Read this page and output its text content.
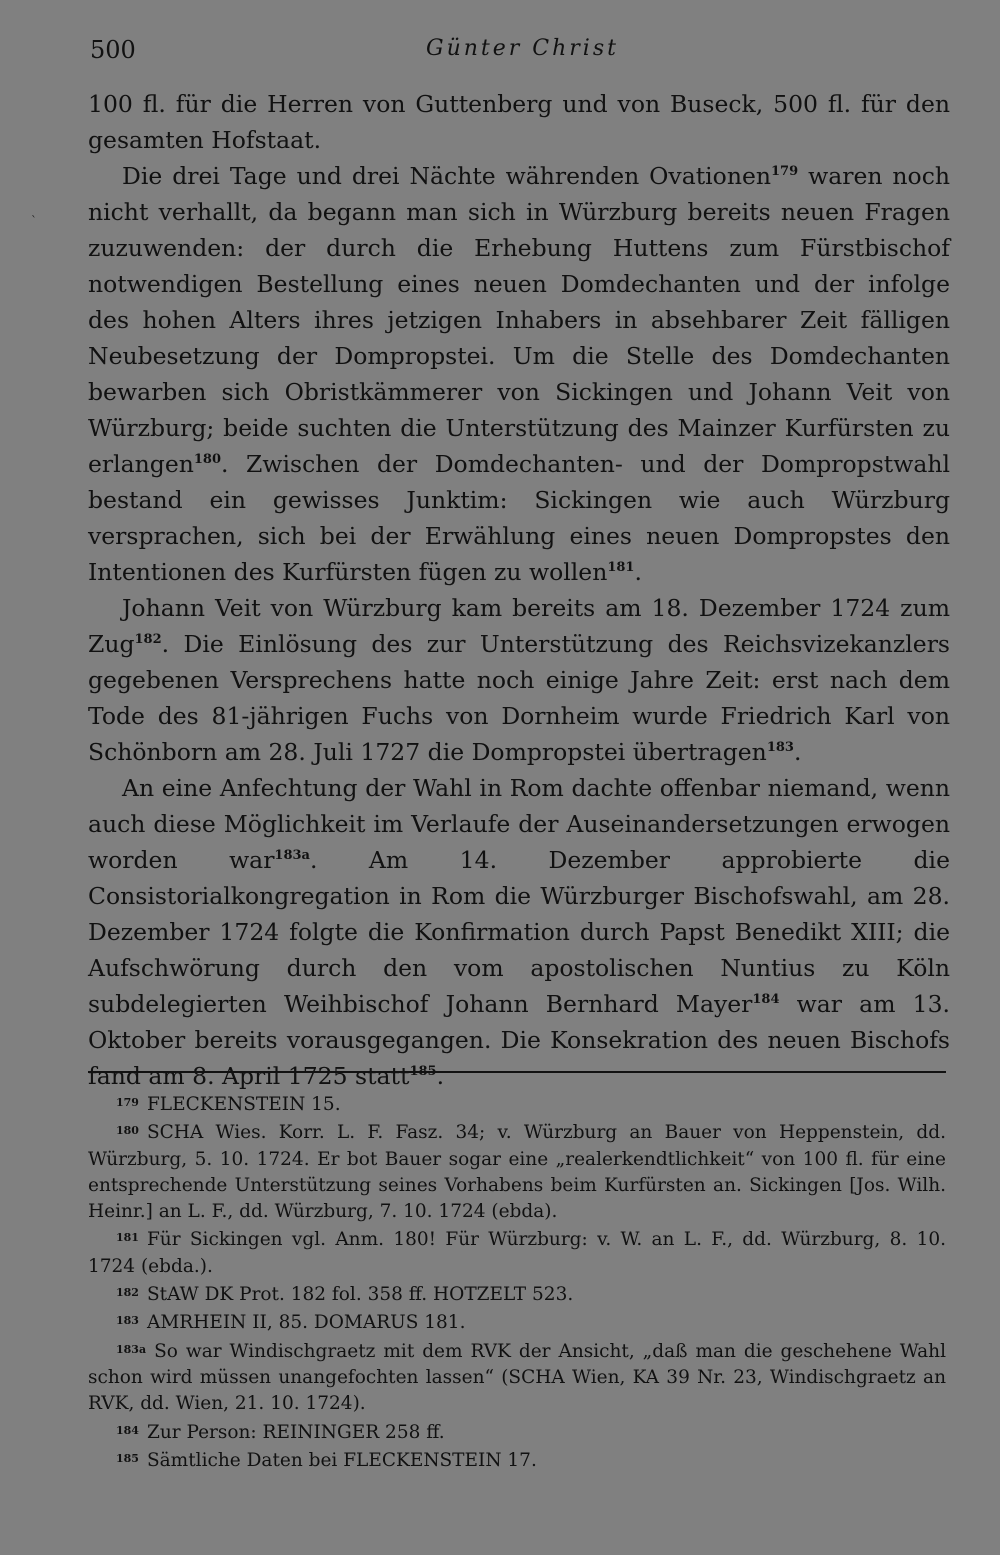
500	Günter Christ
`

100 fl. für die Herren von Guttenberg und von Buseck, 500 fl. für den gesamten Hofstaat.

Die drei Tage und drei Nächte währenden Ovationen$^{179}$ waren noch nicht verhallt, da begann man sich in Würzburg bereits neuen Fragen zuzuwenden: der durch die Erhebung Huttens zum Fürstbischof notwendigen Bestellung eines neuen Domdechanten und der infolge des hohen Alters ihres jetzigen Inhabers in absehbarer Zeit fälligen Neubesetzung der Dompropstei. Um die Stelle des Domdechanten bewarben sich Obristkämmerer von Sickingen und Johann Veit von Würzburg; beide suchten die Unterstützung des Mainzer Kurfürsten zu erlangen$^{180}$. Zwischen der Domdechanten- und der Dompropstwahl bestand ein gewisses Junktim: Sickingen wie auch Würzburg versprachen, sich bei der Erwählung eines neuen Dompropstes den Intentionen des Kurfürsten fügen zu wollen$^{181}$.

Johann Veit von Würzburg kam bereits am 18. Dezember 1724 zum Zug$^{182}$. Die Einlösung des zur Unterstützung des Reichsvizekanzlers gegebenen Versprechens hatte noch einige Jahre Zeit: erst nach dem Tode des 81-jährigen Fuchs von Dornheim wurde Friedrich Karl von Schönborn am 28. Juli 1727 die Dompropstei übertragen$^{183}$.

An eine Anfechtung der Wahl in Rom dachte offenbar niemand, wenn auch diese Möglichkeit im Verlaufe der Auseinandersetzungen erwogen worden war$^{183a}$. Am 14. Dezember approbierte die Consistorialkongregation in Rom die Würzburger Bischofswahl, am 28. Dezember 1724 folgte die Konfirmation durch Papst Benedikt XIII; die Aufschwörung durch den vom apostolischen Nuntius zu Köln subdelegierten Weihbischof Johann Bernhard Mayer$^{184}$ war am 13. Oktober bereits vorausgegangen. Die Konsekration des neuen Bischofs fand am 8. April 1725 statt$^{185}$.

$^{179}$ FLECKENSTEIN 15.

$^{180}$ SCHA Wies. Korr. L. F. Fasz. 34; v. Würzburg an Bauer von Heppenstein, dd. Würzburg, 5. 10. 1724. Er bot Bauer sogar eine „realerkendtlichkeit“ von 100 fl. für eine entsprechende Unterstützung seines Vorhabens beim Kurfürsten an. Sickingen [Jos. Wilh. Heinr.] an L. F., dd. Würzburg, 7. 10. 1724 (ebda).

$^{181}$ Für Sickingen vgl. Anm. 180! Für Würzburg: v. W. an L. F., dd. Würzburg, 8. 10. 1724 (ebda.).

$^{182}$ StAW DK Prot. 182 fol. 358 ff. HOTZELT 523.

$^{183}$ AMRHEIN II, 85. DOMARUS 181.

$^{183a}$ So war Windischgraetz mit dem RVK der Ansicht, „daß man die geschehene Wahl schon wird müssen unangefochten lassen“ (SCHA Wien, KA 39 Nr. 23, Windischgraetz an RVK, dd. Wien, 21. 10. 1724).

$^{184}$ Zur Person: REININGER 258 ff.

$^{185}$ Sämtliche Daten bei FLECKENSTEIN 17.
